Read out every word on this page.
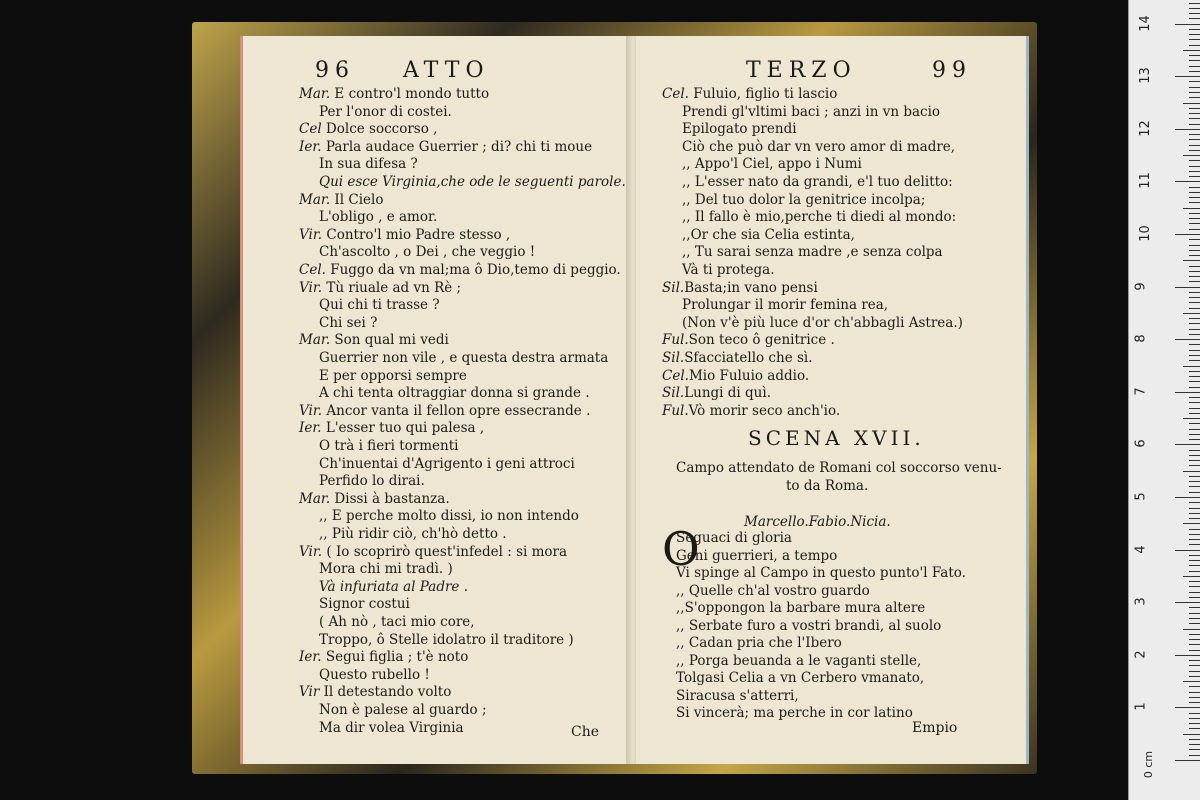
96 ATTO
Mar. E contro'l mondo tutto
Per l'onor di costei.
Cel Dolce soccorso ,
Ier. Parla audace Guerrier ; di? chi ti moue
In sua difesa ?
Qui esce Virginia,che ode le seguenti parole.
Mar. Il Cielo
L'obligo , e amor.
Vir. Contro'l mio Padre stesso ,
Ch'ascolto , o Dei , che veggio !
Cel. Fuggo da vn mal;ma ô Dio,temo di peggio.
Vir. Tù riuale ad vn Rè ;
Qui chi ti trasse ?
Chi sei ?
Mar. Son qual mi vedi
Guerrier non vile , e questa destra armata
E per opporsi sempre
A chi tenta oltraggiar donna si grande .
Vir. Ancor vanta il fellon opre essecrande .
Ier. L'esser tuo qui palesa ,
O trà i fieri tormenti
Ch'inuentai d'Agrigento i geni attroci
Perfido lo dirai.
Mar. Dissi à bastanza.
,, E perche molto dissi, io non intendo
,, Più ridir ciò, ch'hò detto .
Vir. ( Io scoprirò quest'infedel : si mora
Mora chi mi tradì. )
Và infuriata al Padre .
Signor costui
( Ah nò , taci mio core,
Troppo, ô Stelle idolatro il traditore )
Ier. Segui figlia ; t'è noto
Questo rubello !
Vir Il detestando volto
Non è palese al guardo ;
Ma dir volea Virginia	Che
TERZO	99
Cel. Fuluio, figlio ti lascio
Prendi gl'vltimi baci ; anzi in vn bacio
Epilogato prendi
Ciò che può dar vn vero amor di madre,
,, Appo'l Ciel, appo i Numi
,, L'esser nato da grandi, e'l tuo delitto:
,, Del tuo dolor la genitrice incolpa;
,, Il fallo è mio,perche ti diedi al mondo:
,,Or che sia Celia estinta,
,, Tu sarai senza madre ,e senza colpa
Và ti protega.
Sil.Basta;in vano pensi
Prolungar il morir femina rea,
(Non v'è più luce d'or ch'abbagli Astrea.)
Ful.Son teco ô genitrice .
Sil.Sfacciatello che sì.
Cel.Mio Fuluio addio.
Sil.Lungi di quì.
Ful.Vò morir seco anch'io.
SCENA XVII.
Campo attendato de Romani col soccorso venu-
to da Roma.
Marcello.Fabio.Nicia.
O
Seguaci di gloria
Geni guerrieri, a tempo
Vi spinge al Campo in questo punto'l Fato.
,, Quelle ch'al vostro guardo
,,S'oppongon la barbare mura altere
,, Serbate furo a vostri brandi, al suolo
,, Cadan pria che l'Ibero
,, Porga beuanda a le vaganti stelle,
Tolgasi Celia a vn Cerbero vmanato,
Siracusa s'atterri,
Si vincerà; ma perche in cor latino
Empio
0 cm
1
2
3
4
5
6
7
8
9
10
11
12
13
14
